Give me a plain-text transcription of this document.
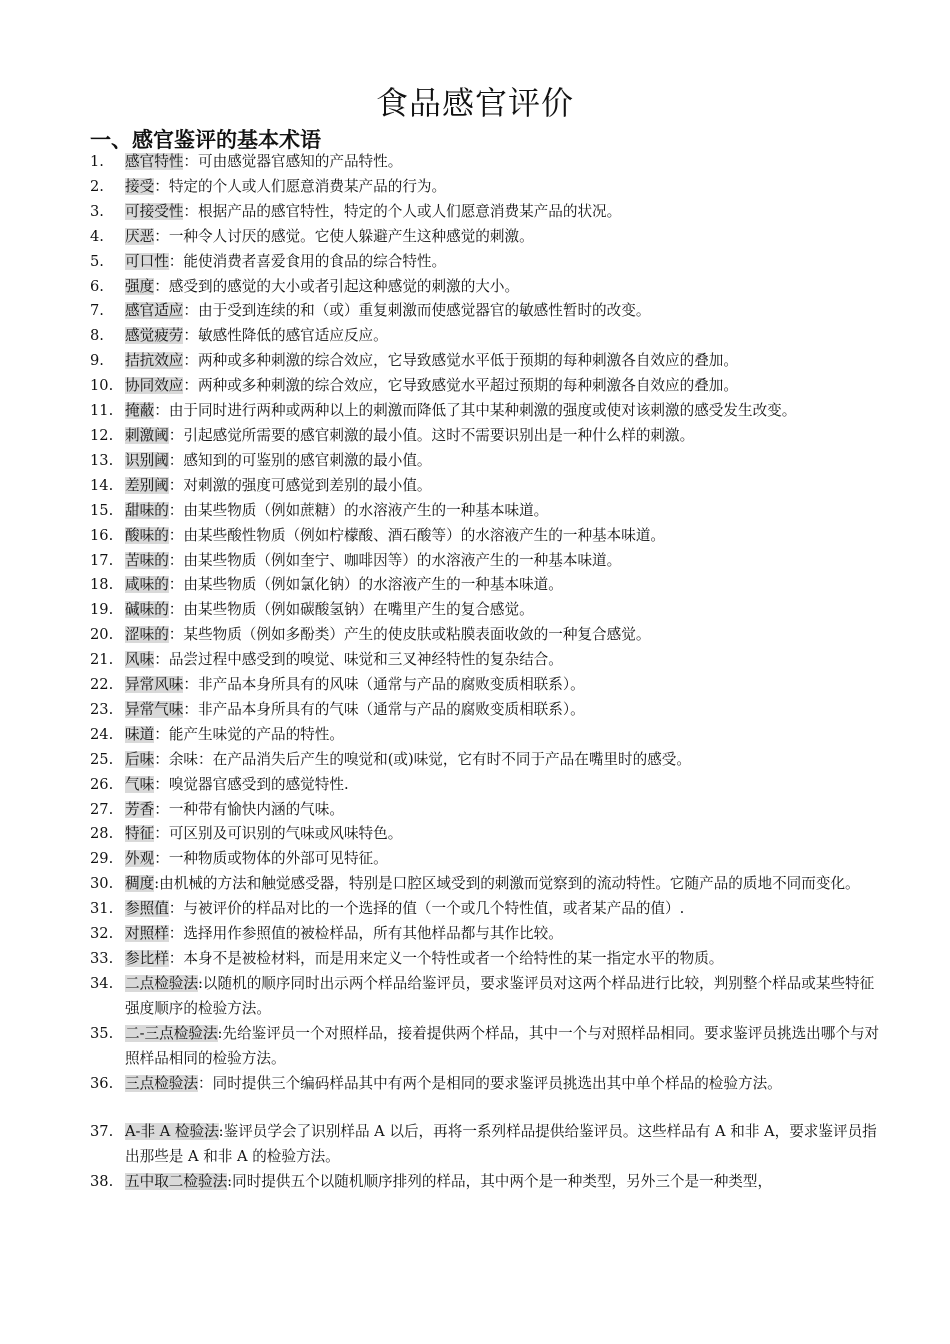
食品感官评价
一、感官鉴评的基本术语
1. 感官特性：可由感觉器官感知的产品特性。
2. 接受：特定的个人或人们愿意消费某产品的行为。
3. 可接受性：根据产品的感官特性，特定的个人或人们愿意消费某产品的状况。
4. 厌恶：一种令人讨厌的感觉。它使人躲避产生这种感觉的刺激。
5. 可口性：能使消费者喜爱食用的食品的综合特性。
6. 强度：感受到的感觉的大小或者引起这种感觉的刺激的大小。
7. 感官适应：由于受到连续的和（或）重复刺激而使感觉器官的敏感性暂时的改变。
8. 感觉疲劳：敏感性降低的感官适应反应。
9. 拮抗效应：两种或多种刺激的综合效应，它导致感觉水平低于预期的每种刺激各自效应的叠加。
10. 协同效应：两种或多种刺激的综合效应，它导致感觉水平超过预期的每种刺激各自效应的叠加。
11. 掩蔽：由于同时进行两种或两种以上的刺激而降低了其中某种刺激的强度或使对该刺激的感受发生改变。
12. 刺激阈：引起感觉所需要的感官刺激的最小值。这时不需要识别出是一种什么样的刺激。
13. 识别阈：感知到的可鉴别的感官刺激的最小值。
14. 差别阈：对刺激的强度可感觉到差别的最小值。
15. 甜味的：由某些物质（例如蔗糖）的水溶液产生的一种基本味道。
16. 酸味的：由某些酸性物质（例如柠檬酸、酒石酸等）的水溶液产生的一种基本味道。
17. 苦味的：由某些物质（例如奎宁、咖啡因等）的水溶液产生的一种基本味道。
18. 咸味的：由某些物质（例如氯化钠）的水溶液产生的一种基本味道。
19. 碱味的：由某些物质（例如碳酸氢钠）在嘴里产生的复合感觉。
20. 涩味的：某些物质（例如多酚类）产生的使皮肤或粘膜表面收敛的一种复合感觉。
21. 风味：品尝过程中感受到的嗅觉、味觉和三叉神经特性的复杂结合。
22. 异常风味：非产品本身所具有的风味（通常与产品的腐败变质相联系）。
23. 异常气味：非产品本身所具有的气味（通常与产品的腐败变质相联系）。
24. 味道：能产生味觉的产品的特性。
25. 后味：余味：在产品消失后产生的嗅觉和(或)味觉，它有时不同于产品在嘴里时的感受。
26. 气味：嗅觉器官感受到的感觉特性.
27. 芳香：一种带有愉快内涵的气味。
28. 特征：可区别及可识别的气味或风味特色。
29. 外观：一种物质或物体的外部可见特征。
30. 稠度:由机械的方法和触觉感受器，特别是口腔区域受到的刺激而觉察到的流动特性。它随产品的质地不同而变化。
31. 参照值：与被评价的样品对比的一个选择的值（一个或几个特性值，或者某产品的值）.
32. 对照样：选择用作参照值的被检样品，所有其他样品都与其作比较。
33. 参比样：本身不是被检材料，而是用来定义一个特性或者一个给特性的某一指定水平的物质。
34. 二点检验法:以随机的顺序同时出示两个样品给鉴评员，要求鉴评员对这两个样品进行比较，判别整个样品或某些特征强度顺序的检验方法。
35. 二-三点检验法:先给鉴评员一个对照样品，接着提供两个样品，其中一个与对照样品相同。要求鉴评员挑选出哪个与对照样品相同的检验方法。
36. 三点检验法：同时提供三个编码样品其中有两个是相同的要求鉴评员挑选出其中单个样品的检验方法。
37. A-非 A 检验法:鉴评员学会了识别样品 A 以后，再将一系列样品提供给鉴评员。这些样品有 A 和非 A，要求鉴评员指出那些是 A 和非 A 的检验方法。
38. 五中取二检验法:同时提供五个以随机顺序排列的样品，其中两个是一种类型，另外三个是一种类型，
